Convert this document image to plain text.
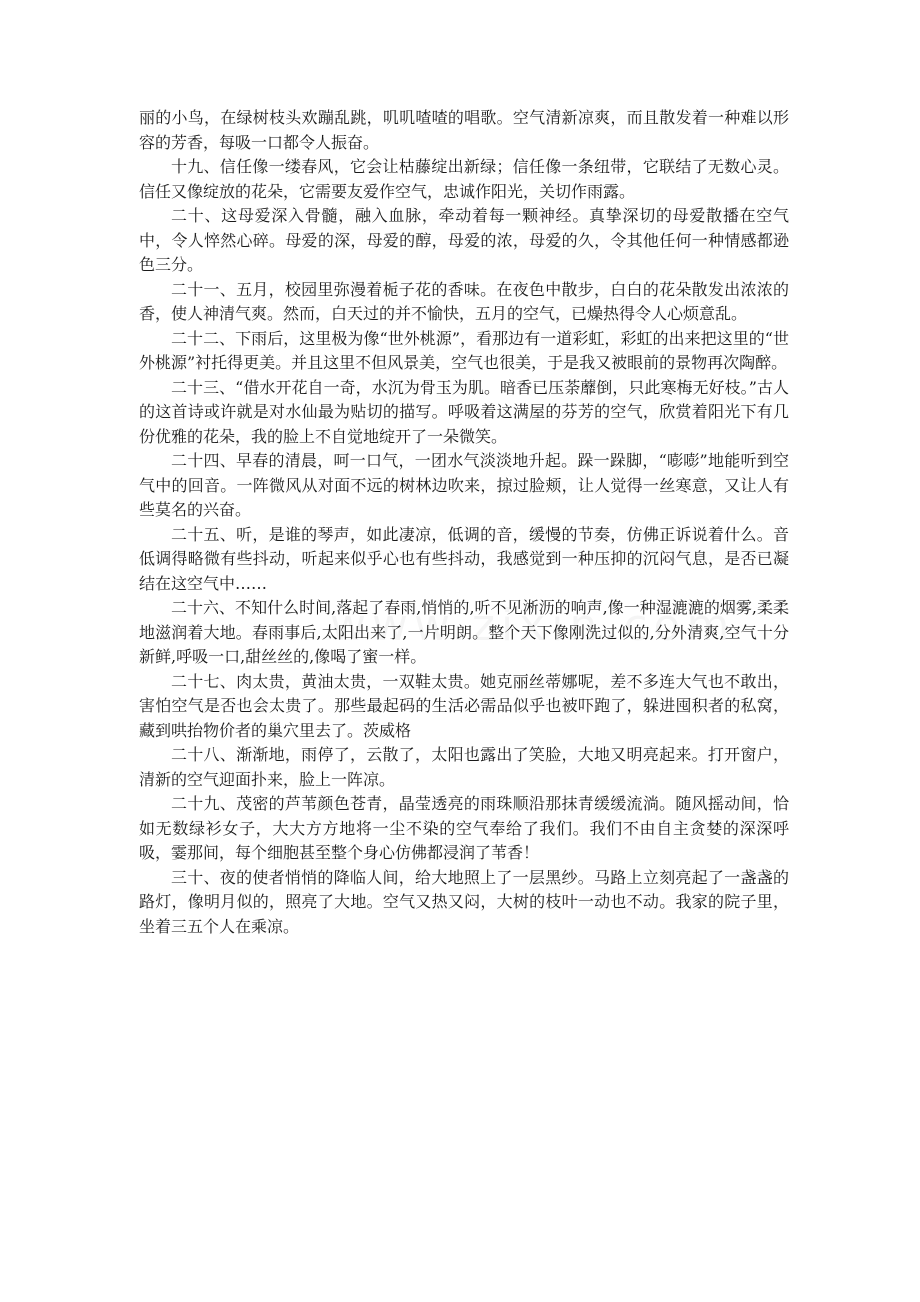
丽的小鸟，在绿树枝头欢蹦乱跳，叽叽喳喳的唱歌。空气清新凉爽，而且散发着一种难以形容的芳香，每吸一口都令人振奋。

十九、信任像一缕春风，它会让枯藤绽出新绿；信任像一条纽带，它联结了无数心灵。信任又像绽放的花朵，它需要友爱作空气，忠诚作阳光，关切作雨露。

二十、这母爱深入骨髓，融入血脉，牵动着每一颗神经。真挚深切的母爱散播在空气中，令人悴然心碎。母爱的深，母爱的醇，母爱的浓，母爱的久，令其他任何一种情感都逊色三分。

二十一、五月，校园里弥漫着栀子花的香味。在夜色中散步，白白的花朵散发出浓浓的香，使人神清气爽。然而，白天过的并不愉快，五月的空气，已燥热得令人心烦意乱。

二十二、下雨后，这里极为像“世外桃源”，看那边有一道彩虹，彩虹的出来把这里的“世外桃源”衬托得更美。并且这里不但风景美，空气也很美，于是我又被眼前的景物再次陶醉。

二十三、“借水开花自一奇，水沉为骨玉为肌。暗香已压荼蘼倒，只此寒梅无好枝。”古人的这首诗或许就是对水仙最为贴切的描写。呼吸着这满屋的芬芳的空气，欣赏着阳光下有几份优雅的花朵，我的脸上不自觉地绽开了一朵微笑。

二十四、早春的清晨，呵一口气，一团水气淡淡地升起。跺一跺脚，“嘭嘭”地能听到空气中的回音。一阵微风从对面不远的树林边吹来，掠过脸颊，让人觉得一丝寒意，又让人有些莫名的兴奋。

二十五、听，是谁的琴声，如此凄凉，低调的音，缓慢的节奏，仿佛正诉说着什么。音低调得略微有些抖动，听起来似乎心也有些抖动，我感觉到一种压抑的沉闷气息，是否已凝结在这空气中……

二十六、不知什么时间,落起了春雨,悄悄的,听不见淅沥的响声,像一种湿漉漉的烟雾,柔柔地滋润着大地。春雨事后,太阳出来了,一片明朗。整个天下像刚洗过似的,分外清爽,空气十分新鲜,呼吸一口,甜丝丝的,像喝了蜜一样。

二十七、肉太贵，黄油太贵，一双鞋太贵。她克丽丝蒂娜呢，差不多连大气也不敢出，害怕空气是否也会太贵了。那些最起码的生活必需品似乎也被吓跑了，躲进囤积者的私窝，藏到哄抬物价者的巢穴里去了。茨威格

二十八、渐渐地，雨停了，云散了，太阳也露出了笑脸，大地又明亮起来。打开窗户，清新的空气迎面扑来，脸上一阵凉。

二十九、茂密的芦苇颜色苍青，晶莹透亮的雨珠顺沿那抹青缓缓流淌。随风摇动间，恰如无数绿衫女子，大大方方地将一尘不染的空气奉给了我们。我们不由自主贪婪的深深呼吸，霎那间，每个细胞甚至整个身心仿佛都浸润了苇香！

三十、夜的使者悄悄的降临人间，给大地照上了一层黑纱。马路上立刻亮起了一盏盏的路灯，像明月似的，照亮了大地。空气又热又闷，大树的枝叶一动也不动。我家的院子里，坐着三五个人在乘凉。
